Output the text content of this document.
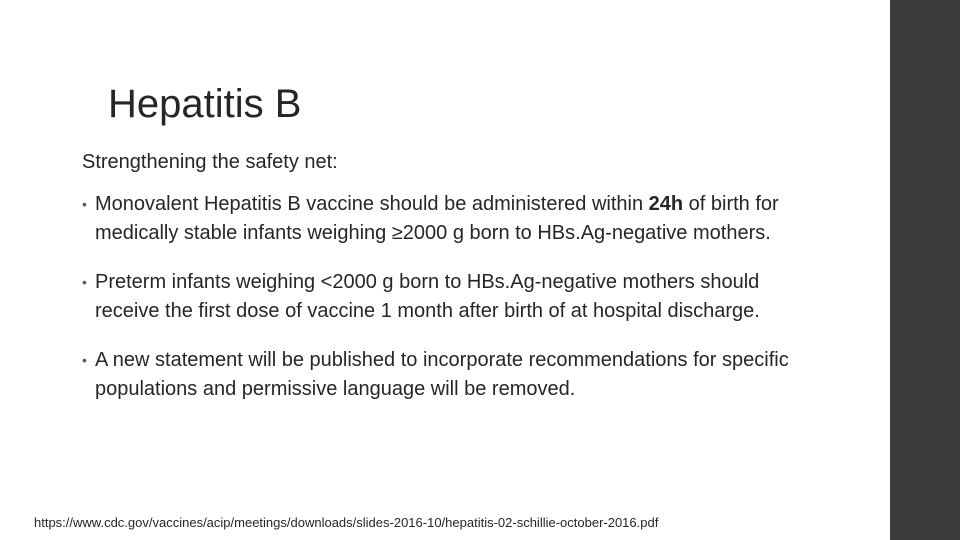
Hepatitis B
Strengthening the safety net:
• Monovalent Hepatitis B vaccine should be administered within 24h of birth for medically stable infants weighing ≥2000 g born to HBs.Ag-negative mothers.
• Preterm infants weighing <2000 g born to HBs.Ag-negative mothers should receive the first dose of vaccine 1 month after birth of at hospital discharge.
• A new statement will be published to incorporate recommendations for specific populations and permissive language will be removed.
https://www.cdc.gov/vaccines/acip/meetings/downloads/slides-2016-10/hepatitis-02-schillie-october-2016.pdf
